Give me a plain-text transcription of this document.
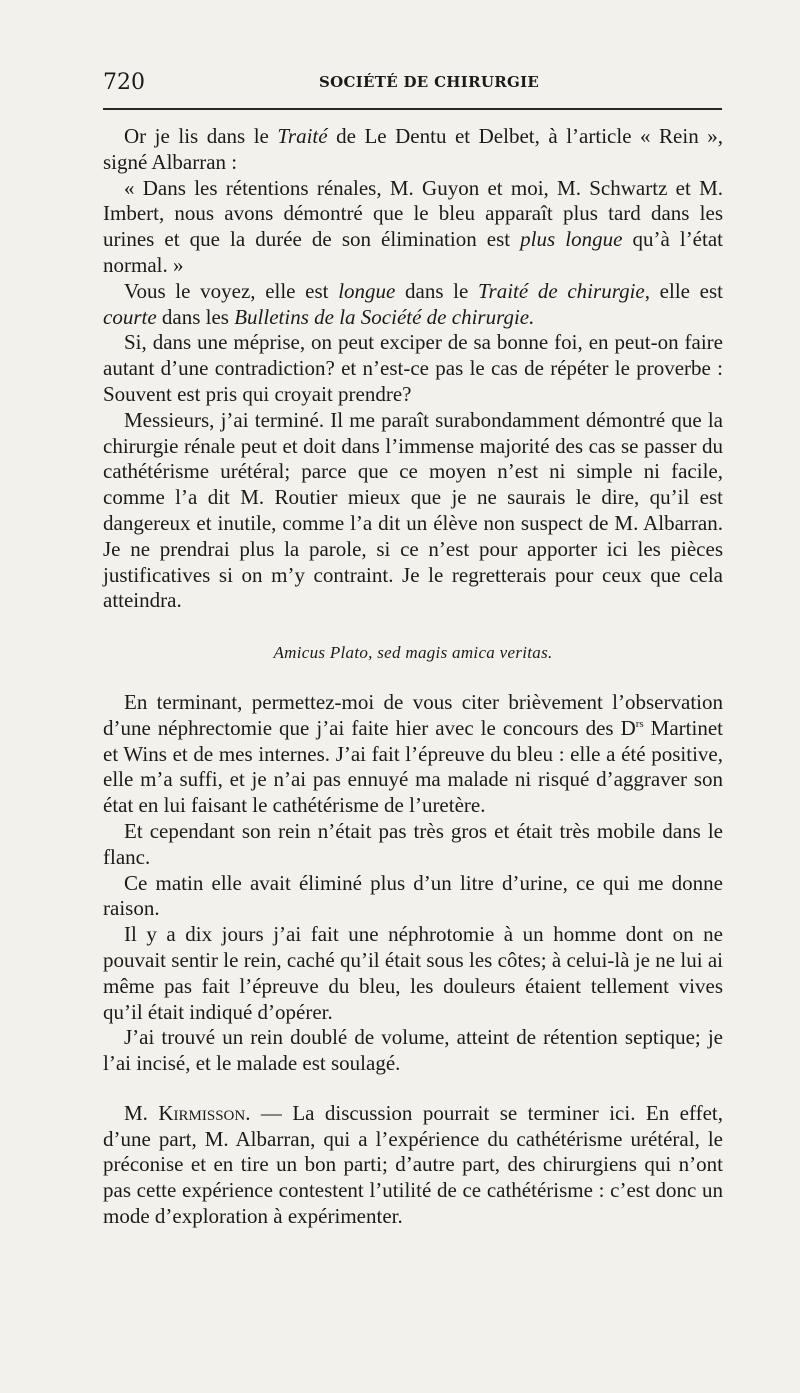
720	SOCIÉTÉ DE CHIRURGIE

Or je lis dans le Traité de Le Dentu et Delbet, à l’article « Rein », signé Albarran :

« Dans les rétentions rénales, M. Guyon et moi, M. Schwartz et M. Imbert, nous avons démontré que le bleu apparaît plus tard dans les urines et que la durée de son élimination est plus longue qu’à l’état normal. »

Vous le voyez, elle est longue dans le Traité de chirurgie, elle est courte dans les Bulletins de la Société de chirurgie.

Si, dans une méprise, on peut exciper de sa bonne foi, en peut-on faire autant d’une contradiction? et n’est-ce pas le cas de répéter le proverbe : Souvent est pris qui croyait prendre?

Messieurs, j’ai terminé. Il me paraît surabondamment démontré que la chirurgie rénale peut et doit dans l’immense majorité des cas se passer du cathétérisme urétéral; parce que ce moyen n’est ni simple ni facile, comme l’a dit M. Routier mieux que je ne saurais le dire, qu’il est dangereux et inutile, comme l’a dit un élève non suspect de M. Albarran. Je ne prendrai plus la parole, si ce n’est pour apporter ici les pièces justificatives si on m’y contraint. Je le regretterais pour ceux que cela atteindra.

Amicus Plato, sed magis amica veritas.

En terminant, permettez-moi de vous citer brièvement l’observation d’une néphrectomie que j’ai faite hier avec le concours des $D^{rs}$ Martinet et Wins et de mes internes. J’ai fait l’épreuve du bleu : elle a été positive, elle m’a suffi, et je n’ai pas ennuyé ma malade ni risqué d’aggraver son état en lui faisant le cathétérisme de l’uretère.

Et cependant son rein n’était pas très gros et était très mobile dans le flanc.

Ce matin elle avait éliminé plus d’un litre d’urine, ce qui me donne raison.

Il y a dix jours j’ai fait une néphrotomie à un homme dont on ne pouvait sentir le rein, caché qu’il était sous les côtes; à celui-là je ne lui ai même pas fait l’épreuve du bleu, les douleurs étaient tellement vives qu’il était indiqué d’opérer.

J’ai trouvé un rein doublé de volume, atteint de rétention septique; je l’ai incisé, et le malade est soulagé.

M. Kirmisson. — La discussion pourrait se terminer ici. En effet, d’une part, M. Albarran, qui a l’expérience du cathétérisme urétéral, le préconise et en tire un bon parti; d’autre part, des chirurgiens qui n’ont pas cette expérience contestent l’utilité de ce cathétérisme : c’est donc un mode d’exploration à expérimenter.
